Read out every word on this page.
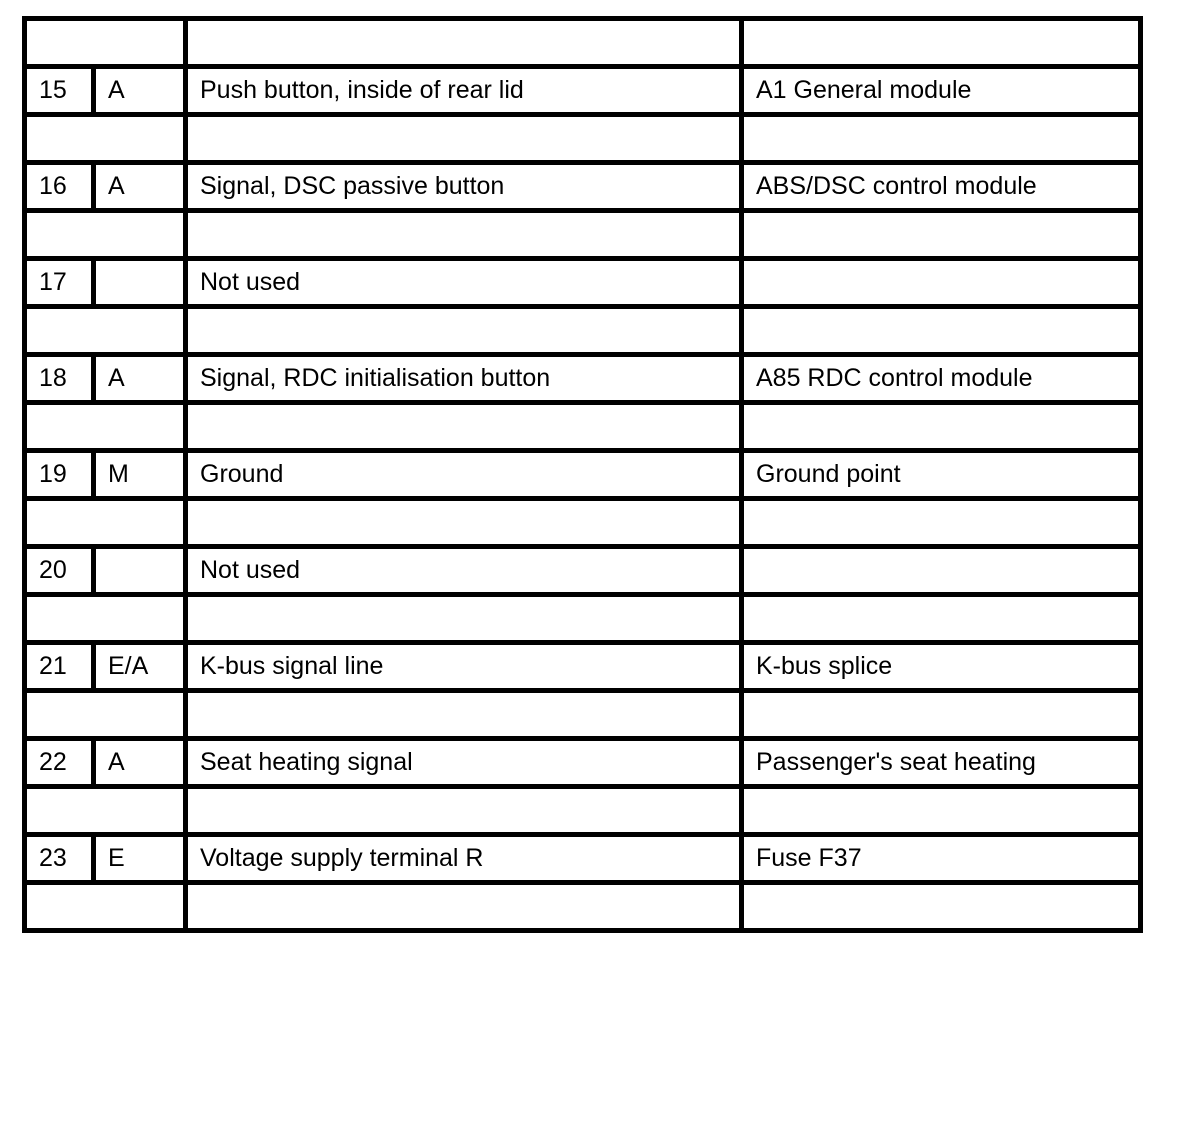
15	A	Push button, inside of rear lid	A1 General module

16	A	Signal, DSC passive button	ABS/DSC control module

17		Not used	

18	A	Signal, RDC initialisation button	A85 RDC control module

19	M	Ground	Ground point

20		Not used	

21	E/A	K-bus signal line	K-bus splice

22	A	Seat heating signal	Passenger's seat heating

23	E	Voltage supply terminal R	Fuse F37
